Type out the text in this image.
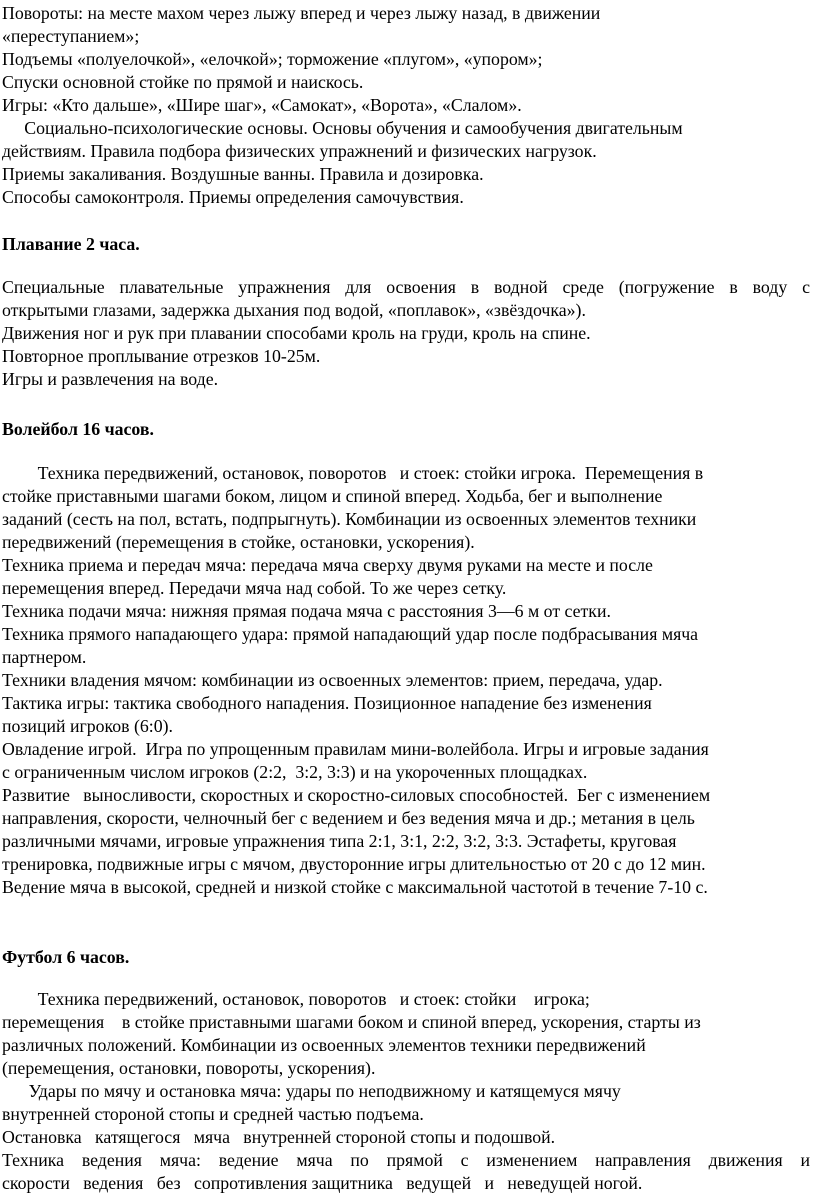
Повороты: на месте махом через лыжу вперед и через лыжу назад, в движении

«переступанием»;

Подъемы «полуелочкой», «елочкой»; торможение «плугом», «упором»;

Спуски основной стойке по прямой и наискось.

Игры: «Кто дальше», «Шире шаг», «Самокат», «Ворота», «Слалом».

Социально-психологические основы. Основы обучения и самообучения двигательным

действиям. Правила подбора физических упражнений и физических нагрузок.

Приемы закаливания. Воздушные ванны. Правила и дозировка.

Способы самоконтроля. Приемы определения самочувствия.

Плавание 2 часа.

Специальные плавательные упражнения для освоения в водной среде (погружение в воду с

открытыми глазами, задержка дыхания под водой, «поплавок», «звёздочка»).

Движения ног и рук при плавании способами кроль на груди, кроль на спине.

Повторное проплывание отрезков 10-25м.

Игры и развлечения на воде.

Волейбол 16 часов.

Техника передвижений, остановок, поворотов   и стоек: стойки игрока.  Перемещения в

стойке приставными шагами боком, лицом и спиной вперед. Ходьба, бег и выполнение

заданий (сесть на пол, встать, подпрыгнуть). Комбинации из освоенных элементов техники

передвижений (перемещения в стойке, остановки, ускорения).

Техника приема и передач мяча: передача мяча сверху двумя руками на месте и после

перемещения вперед. Передачи мяча над собой. То же через сетку.

Техника подачи мяча: нижняя прямая подача мяча с расстояния 3—6 м от сетки.

Техника прямого нападающего удара: прямой нападающий удар после подбрасывания мяча

партнером.

Техники владения мячом: комбинации из освоенных элементов: прием, передача, удар.

Тактика игры: тактика свободного нападения. Позиционное нападение без изменения

позиций игроков (6:0).

Овладение игрой.  Игра по упрощенным правилам мини-волейбола. Игры и игровые задания

с ограниченным числом игроков (2:2,  3:2, 3:3) и на укороченных площадках.

Развитие   выносливости, скоростных и скоростно-силовых способностей.  Бег с изменением

направления, скорости, челночный бег с ведением и без ведения мяча и др.; метания в цель

различными мячами, игровые упражнения типа 2:1, 3:1, 2:2, 3:2, 3:3. Эстафеты, круговая

тренировка, подвижные игры с мячом, двусторонние игры длительностью от 20 с до 12 мин.

Ведение мяча в высокой, средней и низкой стойке с максимальной частотой в течение 7-10 с.

Футбол 6 часов.

Техника передвижений, остановок, поворотов   и стоек: стойки    игрока;

перемещения    в стойке приставными шагами боком и спиной вперед, ускорения, старты из

различных положений. Комбинации из освоенных элементов техники передвижений

(перемещения, остановки, повороты, ускорения).

Удары по мячу и остановка мяча: удары по неподвижному и катящемуся мячу

внутренней стороной стопы и средней частью подъема.

Остановка   катящегося   мяча   внутренней стороной стопы и подошвой.

Техника ведения мяча: ведение мяча по прямой с изменением направления движения и

скорости   ведения   без   сопротивления защитника   ведущей   и   неведущей ногой.
